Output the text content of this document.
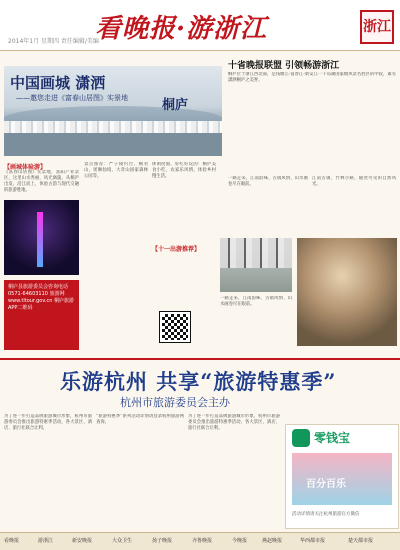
看晚报·游浙江	浙江
2014年1月 星期四 责任编辑/美编
十省晚报联盟 引领畅游浙江
中国画城 潇洒
——邀您走进《富春山居图》实景地	桐庐
桐庐位于浙江西北部，是钱塘江-富春江-新安江一千岛湖国家级风景名胜区的中段，素有潇洒桐庐之美誉。
一路走来，江南韵味、古镇风情、山水画卷尽在眼前。
江南古镇、竹林小路，随处可见的自然风光。
【画城体验游】
《富春山居图》实景地，富阳产业景区，这里山水秀丽，风光旖旎。从桐庐出发，沿江而上，体验古韵与现代交融的旅游胜地。
桐庐县旅游委员会咨询电话 0571-64603110 旅游网 www.tltour.gov.cn 桐庐旅游APP二维码
景点推荐：严子陵钓台、桐君山、瑶琳仙境、大奇山国家森林公园等。
休闲度假，好吃好玩的：桐庐美食小吃、农家乐风情，体验乡村慢生活。
【十一出游推荐】
一路走来，江南韵味、古镇风情、山水画卷尽在眼前。
乐游杭州 共享“旅游特惠季”
杭州市旅游委员会主办
为了进一步打造品牌旅游城市形象，杭州市旅游委员会推出旅游特惠季活动，各大景区、酒店、旅行社联合让利。
“旅游特惠季”系列活动详情请登录杭州旅游网查询。
为了进一步打造品牌旅游城市形象，杭州市旅游委员会推出旅游特惠季活动，各大景区、酒店、旅行社联合让利。
零钱宝
百分百乐
活动详情请关注杭州旅游官方微信
看晚报	游浙江	新安晚报	大众卫生	扬子晚报	齐鲁晚报	今晚报	燕赵晚报	华西都市报	楚天都市报
